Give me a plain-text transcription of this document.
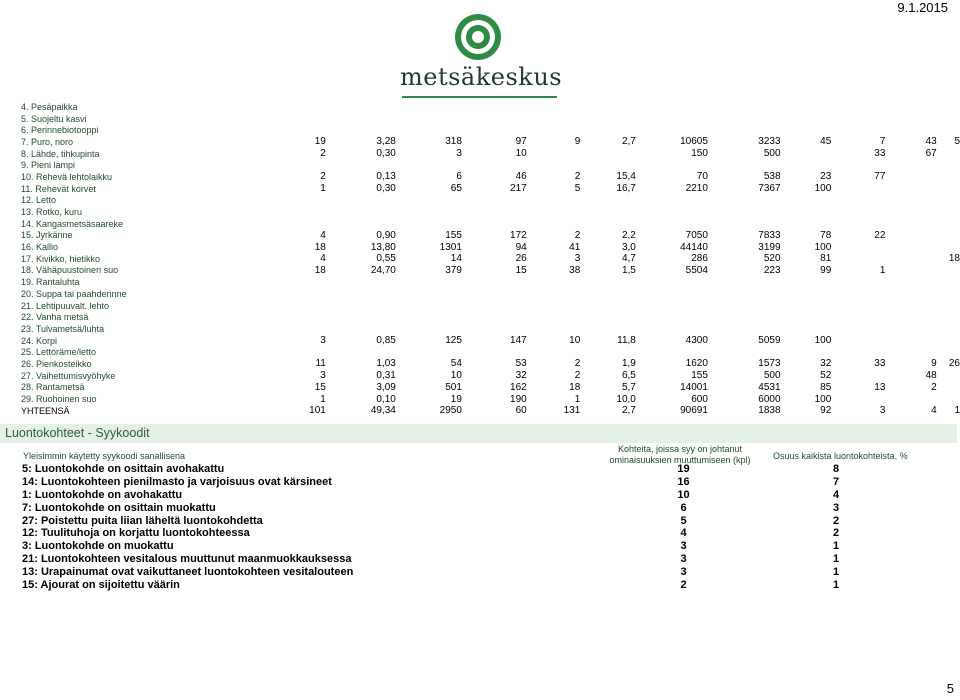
9.1.2015
metsäkeskus
4. Pesäpaikka												
5. Suojeltu kasvi												
6. Perinnebiotooppi												
7. Puro, noro	19	3,28	318	97	9	2,7	10605	3233	45	7	43	5
8. Lähde, tihkupinta	2	0,30	3	10			150	500		33	67	
9. Pieni lampi												
10. Rehevä lehtolaikku	2	0,13	6	46	2	15,4	70	538	23	77		
11. Rehevät korvet	1	0,30	65	217	5	16,7	2210	7367	100			
12. Letto												
13. Rotko, kuru												
14. Kangasmetsäsaareke												
15. Jyrkänne	4	0,90	155	172	2	2,2	7050	7833	78	22		
16. Kallio	18	13,80	1301	94	41	3,0	44140	3199	100			
17. Kivikko, hietikko	4	0,55	14	26	3	4,7	286	520	81			18
18. Vähäpuustoinen suo	18	24,70	379	15	38	1,5	5504	223	99	1		
19. Rantaluhta												
20. Suppa tai paahderinne												
21. Lehtipuuvalt. lehto												
22. Vanha metsä												
23. Tulvametsä/luhta												
24. Korpi	3	0,85	125	147	10	11,8	4300	5059	100			
25. Lettoräme/letto												
26. Pienkosteikko	11	1,03	54	53	2	1,9	1620	1573	32	33	9	26
27. Vaihettumisvyöhyke	3	0,31	10	32	2	6,5	155	500	52		48	
28. Rantametsä	15	3,09	501	162	18	5,7	14001	4531	85	13	2	
29. Ruohoinen suo	1	0,10	19	190	1	10,0	600	6000	100			
YHTEENSÄ	101	49,34	2950	60	131	2,7	90691	1838	92	3	4	1
Luontokohteet - Syykoodit
Yleisimmin käytetty syykoodi sanallisena
Kohteita, joissa syy on johtanut ominaisuuksien muuttumiseen (kpl)	Osuus kaikista luontokohteista, %
5: Luontokohde on osittain avohakattu	19	8
14: Luontokohteen pienilmasto ja varjoisuus ovat kärsineet	16	7
1: Luontokohde on avohakattu	10	4
7: Luontokohde on osittain muokattu	6	3
27: Poistettu puita liian läheltä luontokohdetta	5	2
12: Tuulituhoja on korjattu luontokohteessa	4	2
3: Luontokohde on muokattu	3	1
21: Luontokohteen vesitalous muuttunut maanmuokkauksessa	3	1
13: Urapainumat ovat vaikuttaneet luontokohteen vesitalouteen	3	1
15: Ajourat on sijoitettu väärin	2	1
5
